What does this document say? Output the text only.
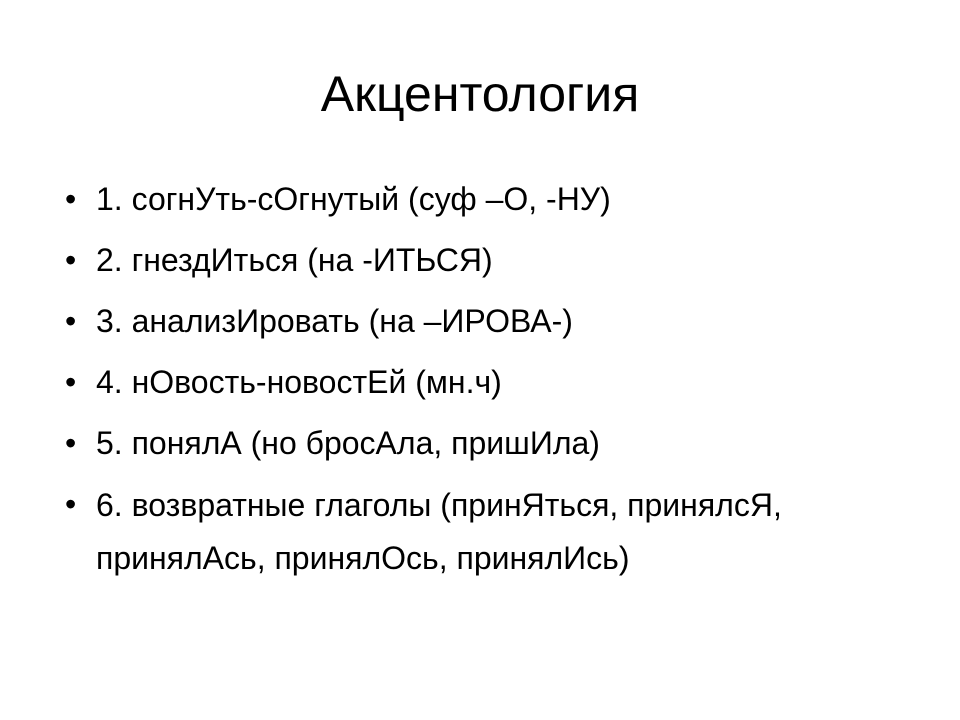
Акцентология
• 1. согнУть-сОгнутый (суф –О, -НУ)
• 2. гнездИться (на -ИТЬСЯ)
• 3. анализИровать (на –ИРОВА-)
• 4. нОвость-новостЕй (мн.ч)
• 5. понялА (но бросАла, пришИла)
• 6. возвратные глаголы (принЯться, принялсЯ, принялАсь, принялОсь, принялИсь)
